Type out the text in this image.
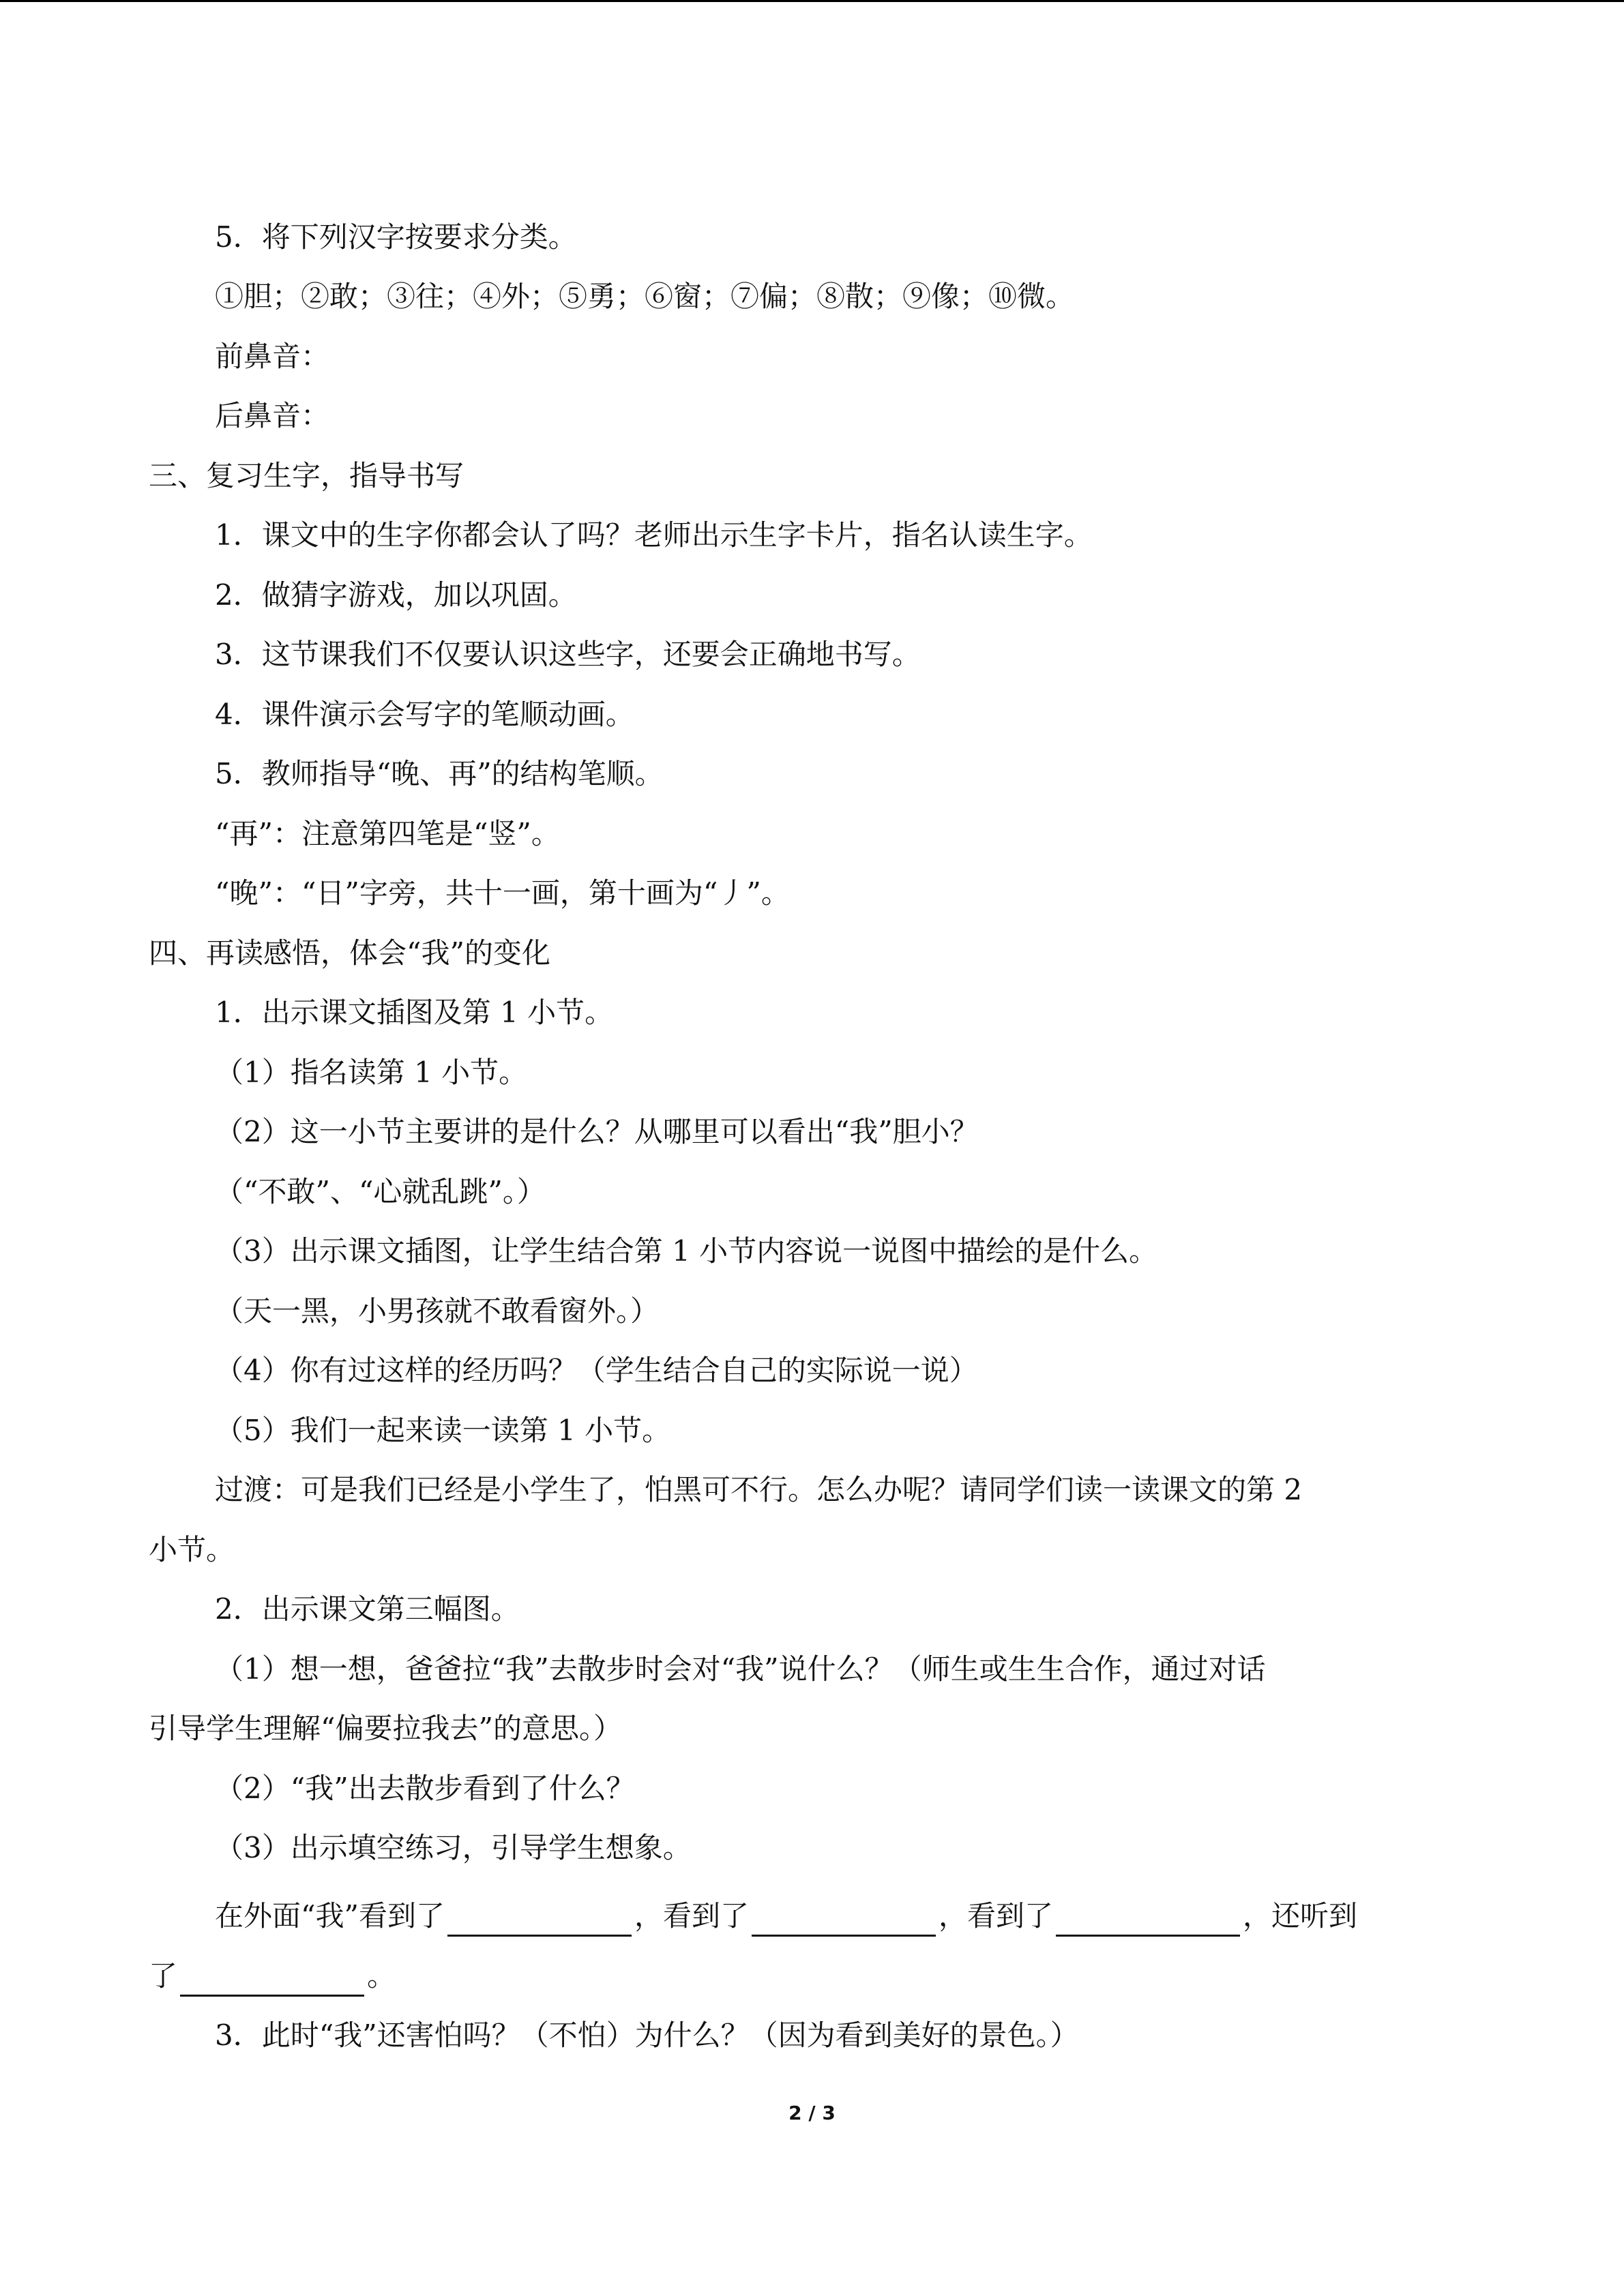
5．将下列汉字按要求分类。
①胆；②敢；③往；④外；⑤勇；⑥窗；⑦偏；⑧散；⑨像；⑩微。
前鼻音：
后鼻音：
三、复习生字，指导书写
1．课文中的生字你都会认了吗？老师出示生字卡片，指名认读生字。
2．做猜字游戏，加以巩固。
3．这节课我们不仅要认识这些字，还要会正确地书写。
4．课件演示会写字的笔顺动画。
5．教师指导“晚、再”的结构笔顺。
“再”：注意第四笔是“竖”。
“晚”：“日”字旁，共十一画，第十画为“丿”。
四、再读感悟，体会“我”的变化
1．出示课文插图及第 1 小节。
（1）指名读第 1 小节。
（2）这一小节主要讲的是什么？从哪里可以看出“我”胆小？
（“不敢”、“心就乱跳”。）
（3）出示课文插图，让学生结合第 1 小节内容说一说图中描绘的是什么。
（天一黑，小男孩就不敢看窗外。）
（4）你有过这样的经历吗？（学生结合自己的实际说一说）
（5）我们一起来读一读第 1 小节。
过渡：可是我们已经是小学生了，怕黑可不行。怎么办呢？请同学们读一读课文的第 2
小节。
2．出示课文第三幅图。
（1）想一想，爸爸拉“我”去散步时会对“我”说什么？（师生或生生合作，通过对话
引导学生理解“偏要拉我去”的意思。）
（2）“我”出去散步看到了什么？
（3）出示填空练习，引导学生想象。
在外面“我”看到了	，看到了	，看到了	，还听到
了	。
3．此时“我”还害怕吗？（不怕）为什么？（因为看到美好的景色。）
2 / 3
